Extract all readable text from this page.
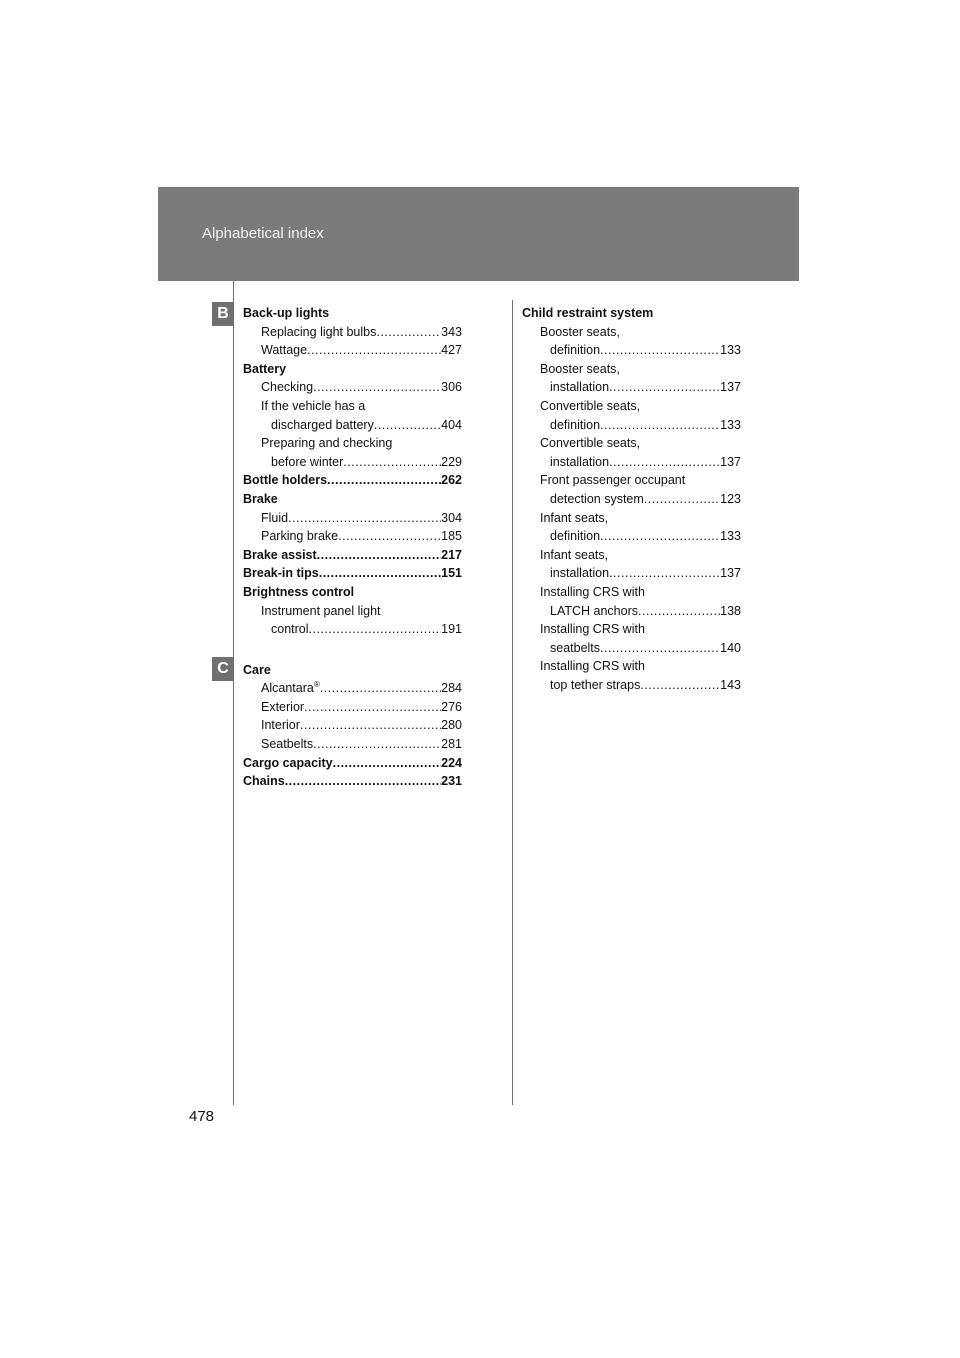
Alphabetical index
B
C
Back-up lights
Replacing light bulbs .....	343
Wattage .....	427
Battery
Checking .....	306
If the vehicle has a
discharged battery .....	404
Preparing and checking
before winter .....	229
Bottle holders .....	262
Brake
Fluid .....	304
Parking brake .....	185
Brake assist .....	217
Break-in tips .....	151
Brightness control
Instrument panel light
control .....	191
Care
Alcantara® .....	284
Exterior .....	276
Interior .....	280
Seatbelts .....	281
Cargo capacity .....	224
Chains .....	231
Child restraint system
Booster seats,
definition .....	133
Booster seats,
installation .....	137
Convertible seats,
definition .....	133
Convertible seats,
installation .....	137
Front passenger occupant
detection system .....	123
Infant seats,
definition .....	133
Infant seats,
installation .....	137
Installing CRS with
LATCH anchors .....	138
Installing CRS with
seatbelts .....	140
Installing CRS with
top tether straps .....	143
478
